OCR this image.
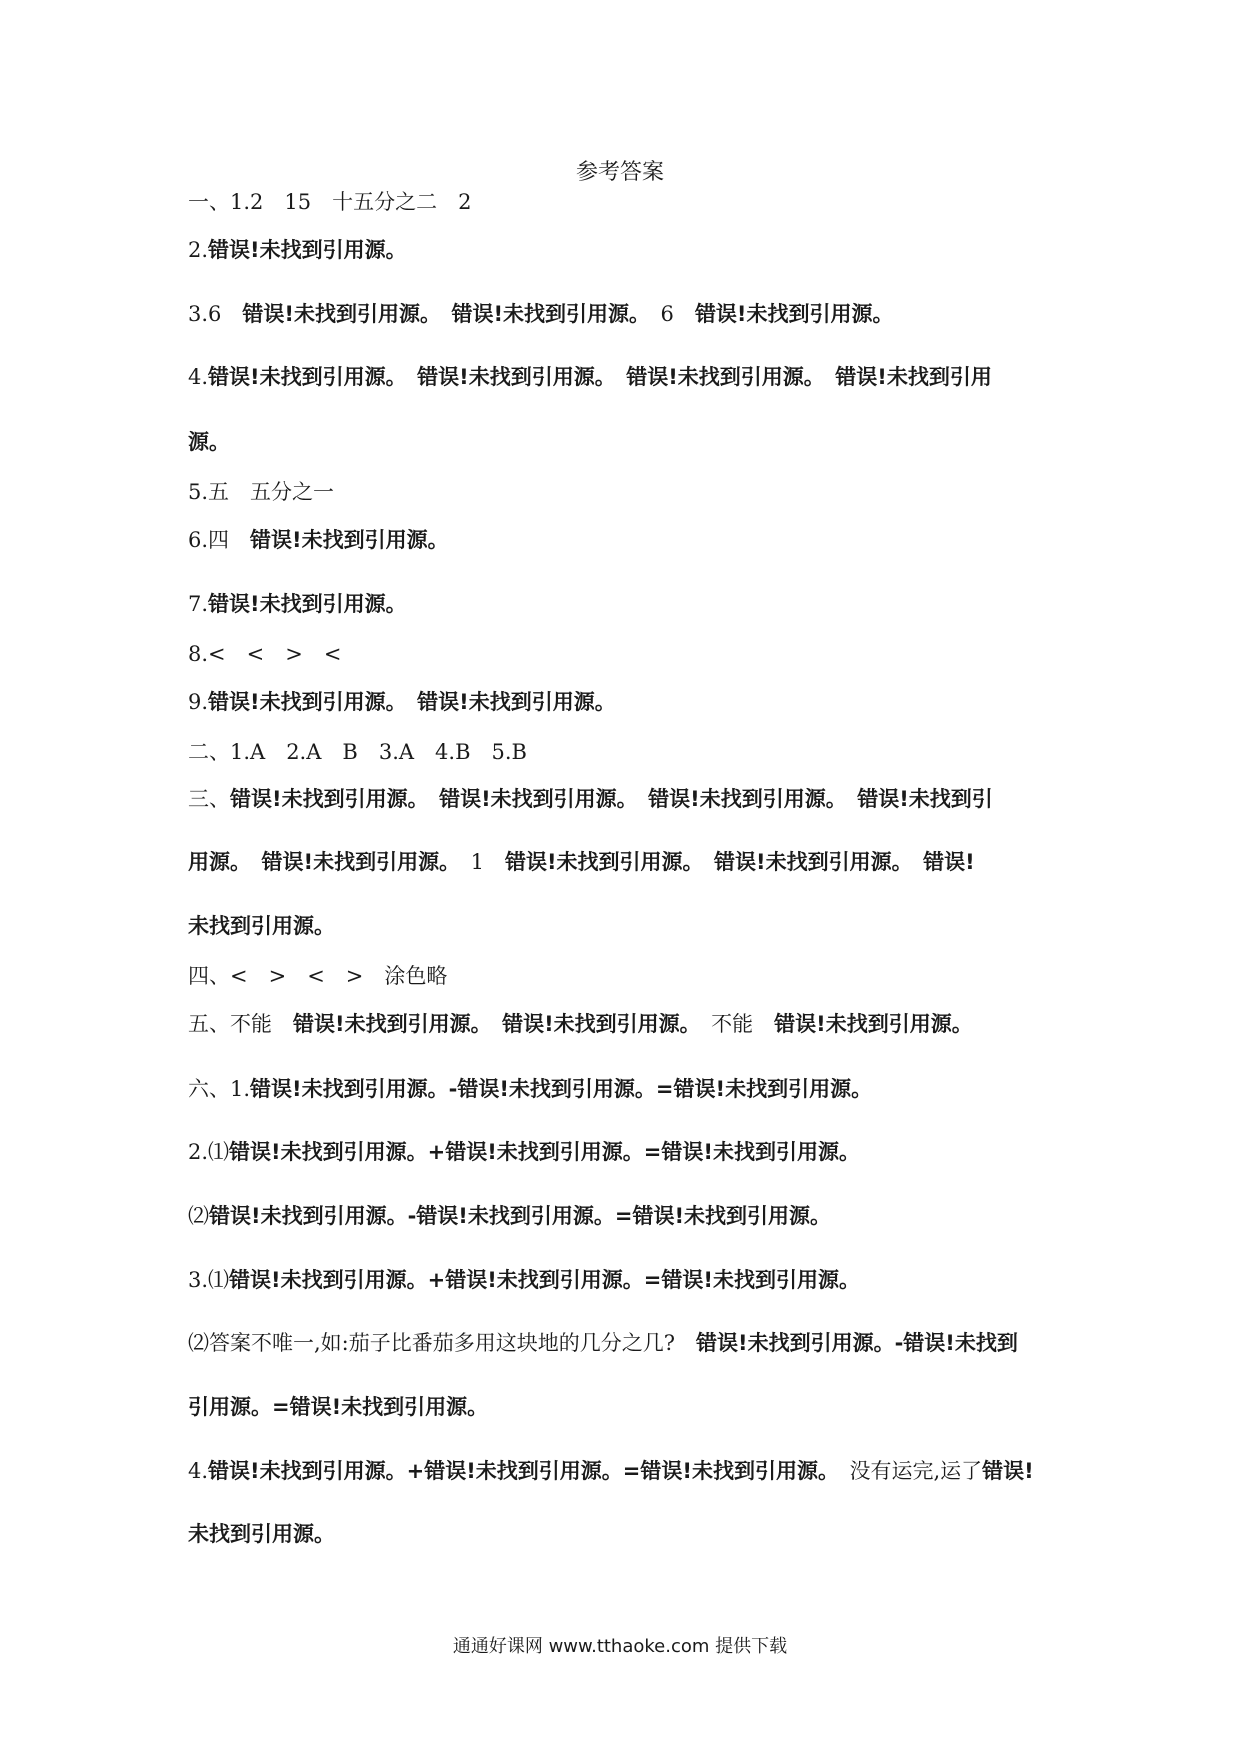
参考答案
一、1.2　15　十五分之二　2
2.错误!未找到引用源。
3.6　错误!未找到引用源。　错误!未找到引用源。　6　错误!未找到引用源。
4.错误!未找到引用源。　错误!未找到引用源。　错误!未找到引用源。　错误!未找到引用
源。
5.五　五分之一
6.四　错误!未找到引用源。
7.错误!未找到引用源。
8.<　<　>　<
9.错误!未找到引用源。　错误!未找到引用源。
二、1.A　2.A　B　3.A　4.B　5.B
三、错误!未找到引用源。　错误!未找到引用源。　错误!未找到引用源。　错误!未找到引
用源。　错误!未找到引用源。　1　错误!未找到引用源。　错误!未找到引用源。　错误!
未找到引用源。
四、<　>　<　>　涂色略
五、不能　错误!未找到引用源。　错误!未找到引用源。　不能　错误!未找到引用源。
六、1.错误!未找到引用源。-错误!未找到引用源。=错误!未找到引用源。
2.⑴错误!未找到引用源。+错误!未找到引用源。=错误!未找到引用源。
⑵错误!未找到引用源。-错误!未找到引用源。=错误!未找到引用源。
3.⑴错误!未找到引用源。+错误!未找到引用源。=错误!未找到引用源。
⑵答案不唯一,如:茄子比番茄多用这块地的几分之几?　错误!未找到引用源。-错误!未找到
引用源。=错误!未找到引用源。
4.错误!未找到引用源。+错误!未找到引用源。=错误!未找到引用源。　没有运完,运了错误!
未找到引用源。
通通好课网 www.tthaoke.com 提供下载
